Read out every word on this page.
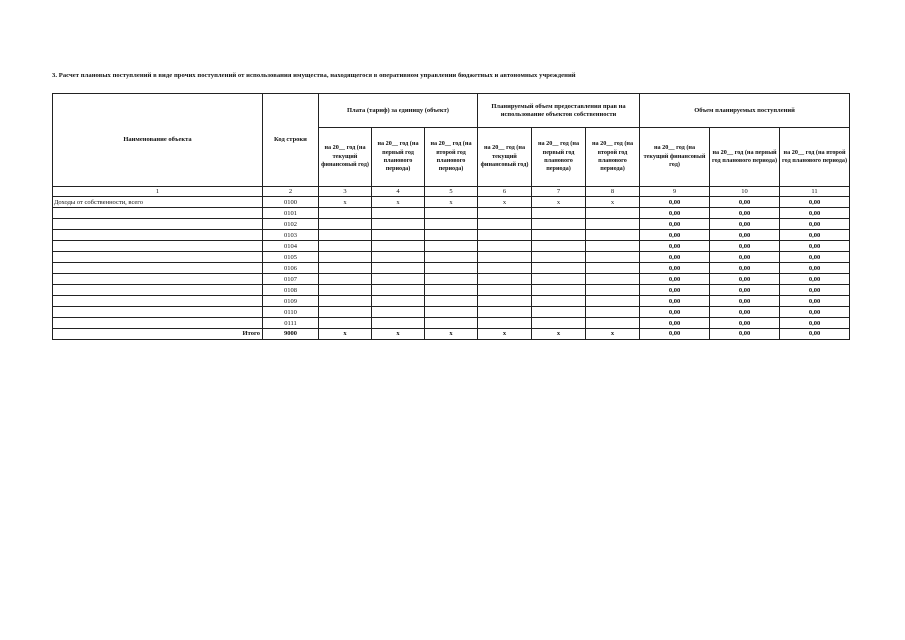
3. Расчет плановых поступлений в виде прочих поступлений от использования имущества, находящегося в оперативном управлении бюджетных и автономных учреждений
Наименование объекта	Код строки	Плата (тариф) за единицу (объект)			Планируемый объем предоставления прав на использование объектов собственности			Объем планируемых поступлений		
		на 20__ год (на текущий финансовый год)	на 20__ год (на первый год планового периода)	на 20__ год (на второй год планового периода)	на 20__ год (на текущий финансовый год)	на 20__ год (на первый год планового периода)	на 20__ год (на второй год планового периода)	на 20__ год (на текущий финансовый год)	на 20__ год (на первый год планового периода)	на 20__ год (на второй год планового периода)
1	2	3	4	5	6	7	8	9	10	11
Доходы от собственности, всего	0100	x	x	x	x	x	x	0,00	0,00	0,00
	0101							0,00	0,00	0,00
	0102							0,00	0,00	0,00
	0103							0,00	0,00	0,00
	0104							0,00	0,00	0,00
	0105							0,00	0,00	0,00
	0106							0,00	0,00	0,00
	0107							0,00	0,00	0,00
	0108							0,00	0,00	0,00
	0109							0,00	0,00	0,00
	0110							0,00	0,00	0,00
	0111							0,00	0,00	0,00
Итого	9000	x	x	x	x	x	x	0,00	0,00	0,00
